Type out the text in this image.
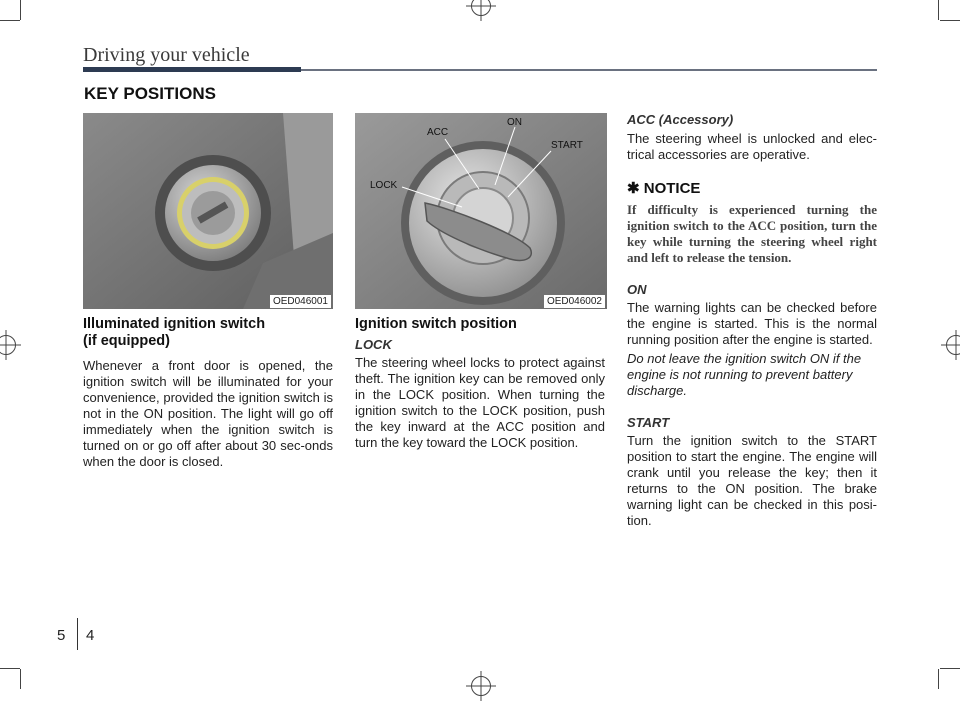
Driving your vehicle
KEY POSITIONS
OED046001
ACC
ON
START
LOCK
OED046002
Illuminated ignition switch
(if equipped)
Whenever a front door is opened, the ignition switch will be illuminated for your convenience, provided the ignition switch is not in the ON position. The light will go off immediately when the ignition switch is turned on or go off after about 30 sec-onds when the door is closed.
Ignition switch position
LOCK
The steering wheel locks to protect against theft. The ignition key can be removed only in the LOCK position. When turning the ignition switch to the LOCK position, push the key inward at the ACC position and turn the key toward the LOCK position.
ACC (Accessory)
The steering wheel is unlocked and elec-trical accessories are operative.
✱ NOTICE
If difficulty is experienced turning the ignition switch to the ACC position, turn the key while turning the steering wheel right and left to release the tension.
ON
The warning lights can be checked before the engine is started. This is the normal running position after the engine is started.
Do not leave the ignition switch ON if the engine is not running to prevent battery discharge.
START
Turn the ignition switch to the START position to start the engine. The engine will crank until you release the key; then it returns to the ON position. The brake warning light can be checked in this posi-tion.
5 4
